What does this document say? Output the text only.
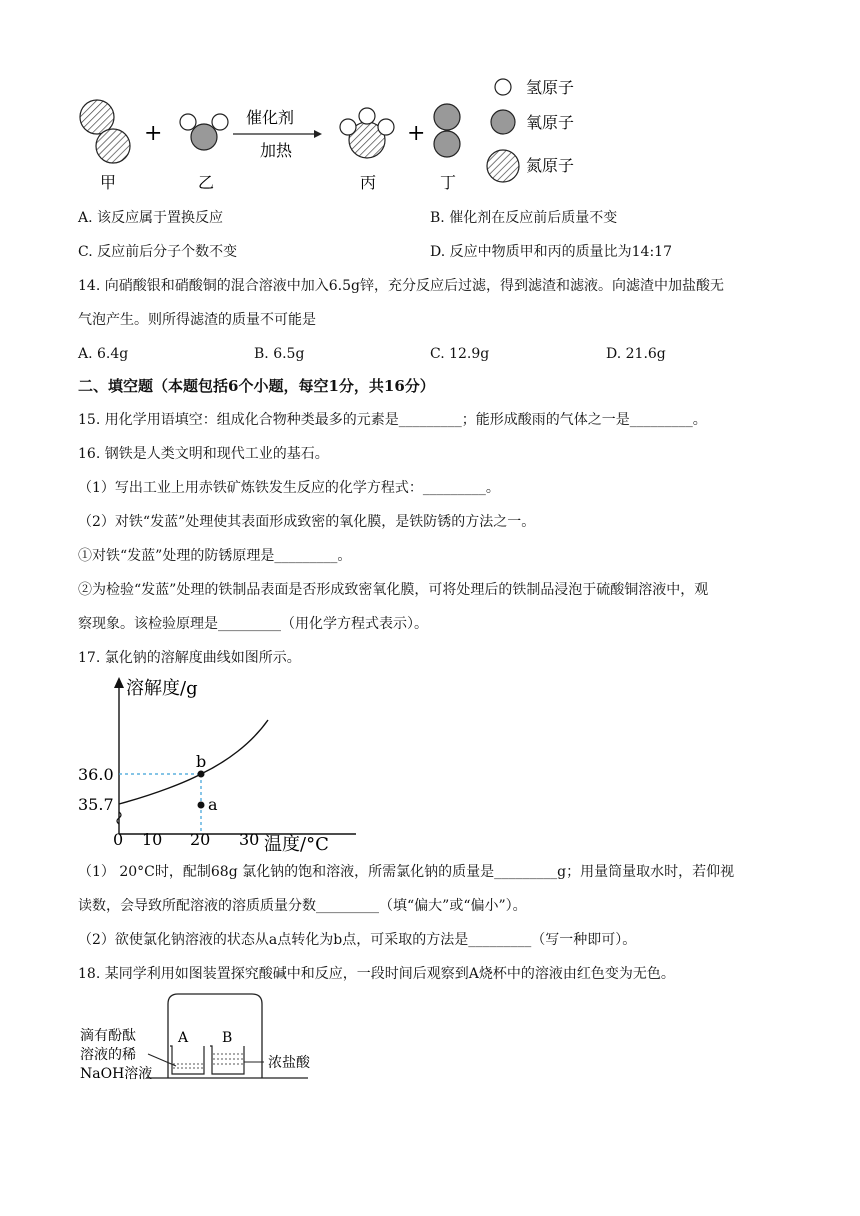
+
催化剂
加热
+
甲	乙	丙	丁
氢原子
氧原子
氮原子
A. 该反应属于置换反应	B. 催化剂在反应前后质量不变
C. 反应前后分子个数不变	D. 反应中物质甲和丙的质量比为14:17
14. 向硝酸银和硝酸铜的混合溶液中加入6.5g锌，充分反应后过滤，得到滤渣和滤液。向滤渣中加盐酸无
气泡产生。则所得滤渣的质量不可能是
A. 6.4g	B. 6.5g	C. 12.9g	D. 21.6g
二、填空题（本题包括6个小题，每空1分，共16分）
15. 用化学用语填空：组成化合物种类最多的元素是_________；能形成酸雨的气体之一是_________。
16. 钢铁是人类文明和现代工业的基石。
（1）写出工业上用赤铁矿炼铁发生反应的化学方程式：_________。
（2）对铁“发蓝”处理使其表面形成致密的氧化膜，是铁防锈的方法之一。
①对铁“发蓝”处理的防锈原理是_________。
②为检验“发蓝”处理的铁制品表面是否形成致密氧化膜，可将处理后的铁制品浸泡于硫酸铜溶液中，观
察现象。该检验原理是_________（用化学方程式表示）。
17. 氯化钠的溶解度曲线如图所示。
溶解度/g
温度/°C
0 10 20 30
36.0
35.7
b
a
（1） 20°C时，配制68g 氯化钠的饱和溶液，所需氯化钠的质量是_________g；用量筒量取水时，若仰视
读数，会导致所配溶液的溶质质量分数_________（填“偏大”或“偏小”）。
（2）欲使氯化钠溶液的状态从a点转化为b点，可采取的方法是_________（写一种即可）。
18. 某同学利用如图装置探究酸碱中和反应，一段时间后观察到A烧杯中的溶液由红色变为无色。
A B
滴有酚酞
溶液的稀
NaOH溶液
浓盐酸
